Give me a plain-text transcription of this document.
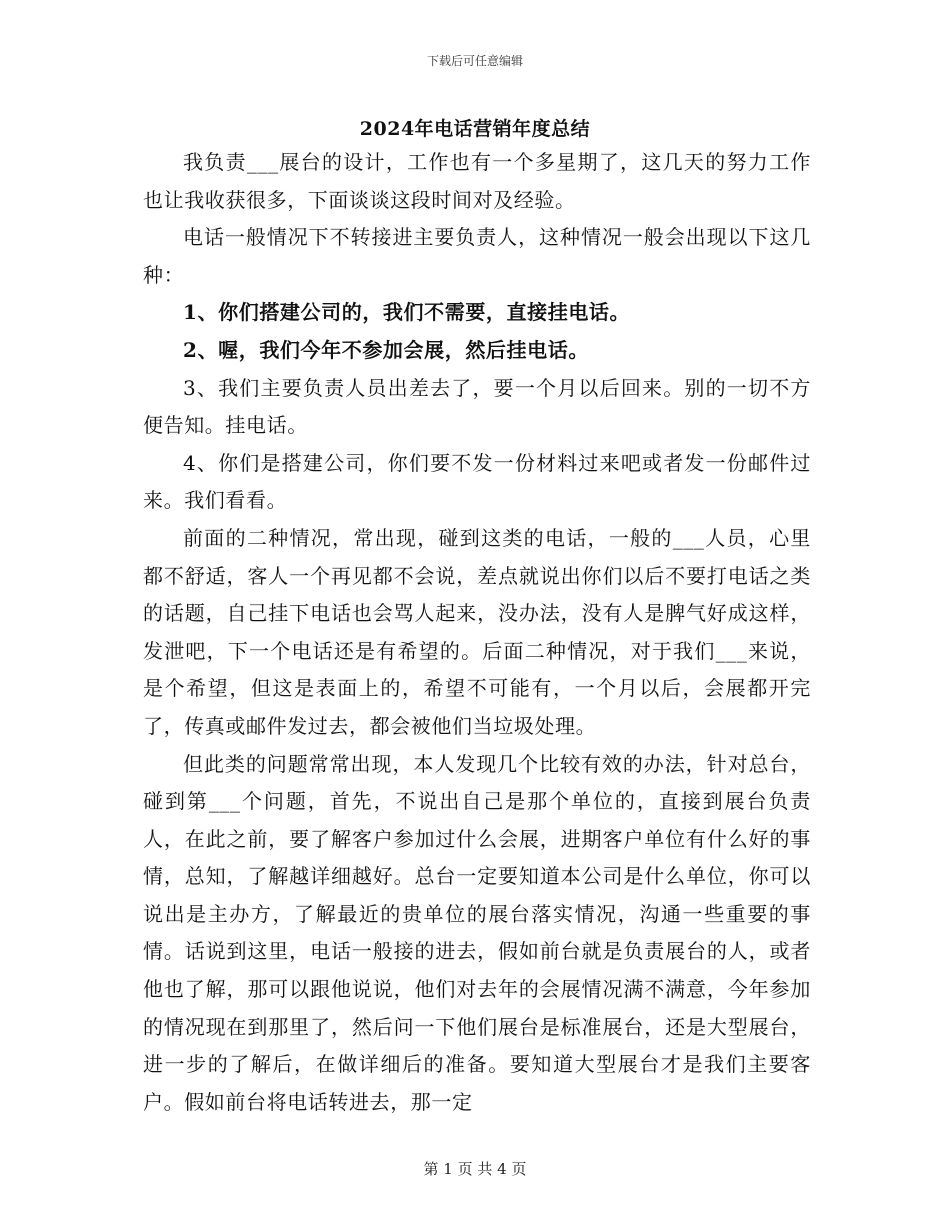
下载后可任意编辑
2024年电话营销年度总结

我负责___展台的设计，工作也有一个多星期了，这几天的努力工作也让我收获很多，下面谈谈这段时间对及经验。

电话一般情况下不转接进主要负责人，这种情况一般会出现以下这几种：

1、你们搭建公司的，我们不需要，直接挂电话。

2、喔，我们今年不参加会展，然后挂电话。

3、我们主要负责人员出差去了，要一个月以后回来。别的一切不方便告知。挂电话。

4、你们是搭建公司，你们要不发一份材料过来吧或者发一份邮件过来。我们看看。

前面的二种情况，常出现，碰到这类的电话，一般的___人员，心里都不舒适，客人一个再见都不会说，差点就说出你们以后不要打电话之类的话题，自己挂下电话也会骂人起来，没办法，没有人是脾气好成这样，发泄吧，下一个电话还是有希望的。后面二种情况，对于我们___来说，是个希望，但这是表面上的，希望不可能有，一个月以后，会展都开完了，传真或邮件发过去，都会被他们当垃圾处理。

但此类的问题常常出现，本人发现几个比较有效的办法，针对总台，碰到第___个问题，首先，不说出自己是那个单位的，直接到展台负责人，在此之前，要了解客户参加过什么会展，进期客户单位有什么好的事情，总知，了解越详细越好。总台一定要知道本公司是什么单位，你可以说出是主办方，了解最近的贵单位的展台落实情况，沟通一些重要的事情。话说到这里，电话一般接的进去，假如前台就是负责展台的人，或者他也了解，那可以跟他说说，他们对去年的会展情况满不满意，今年参加的情况现在到那里了，然后问一下他们展台是标准展台，还是大型展台，进一步的了解后，在做详细后的准备。要知道大型展台才是我们主要客户。假如前台将电话转进去，那一定

第 1 页 共 4 页
